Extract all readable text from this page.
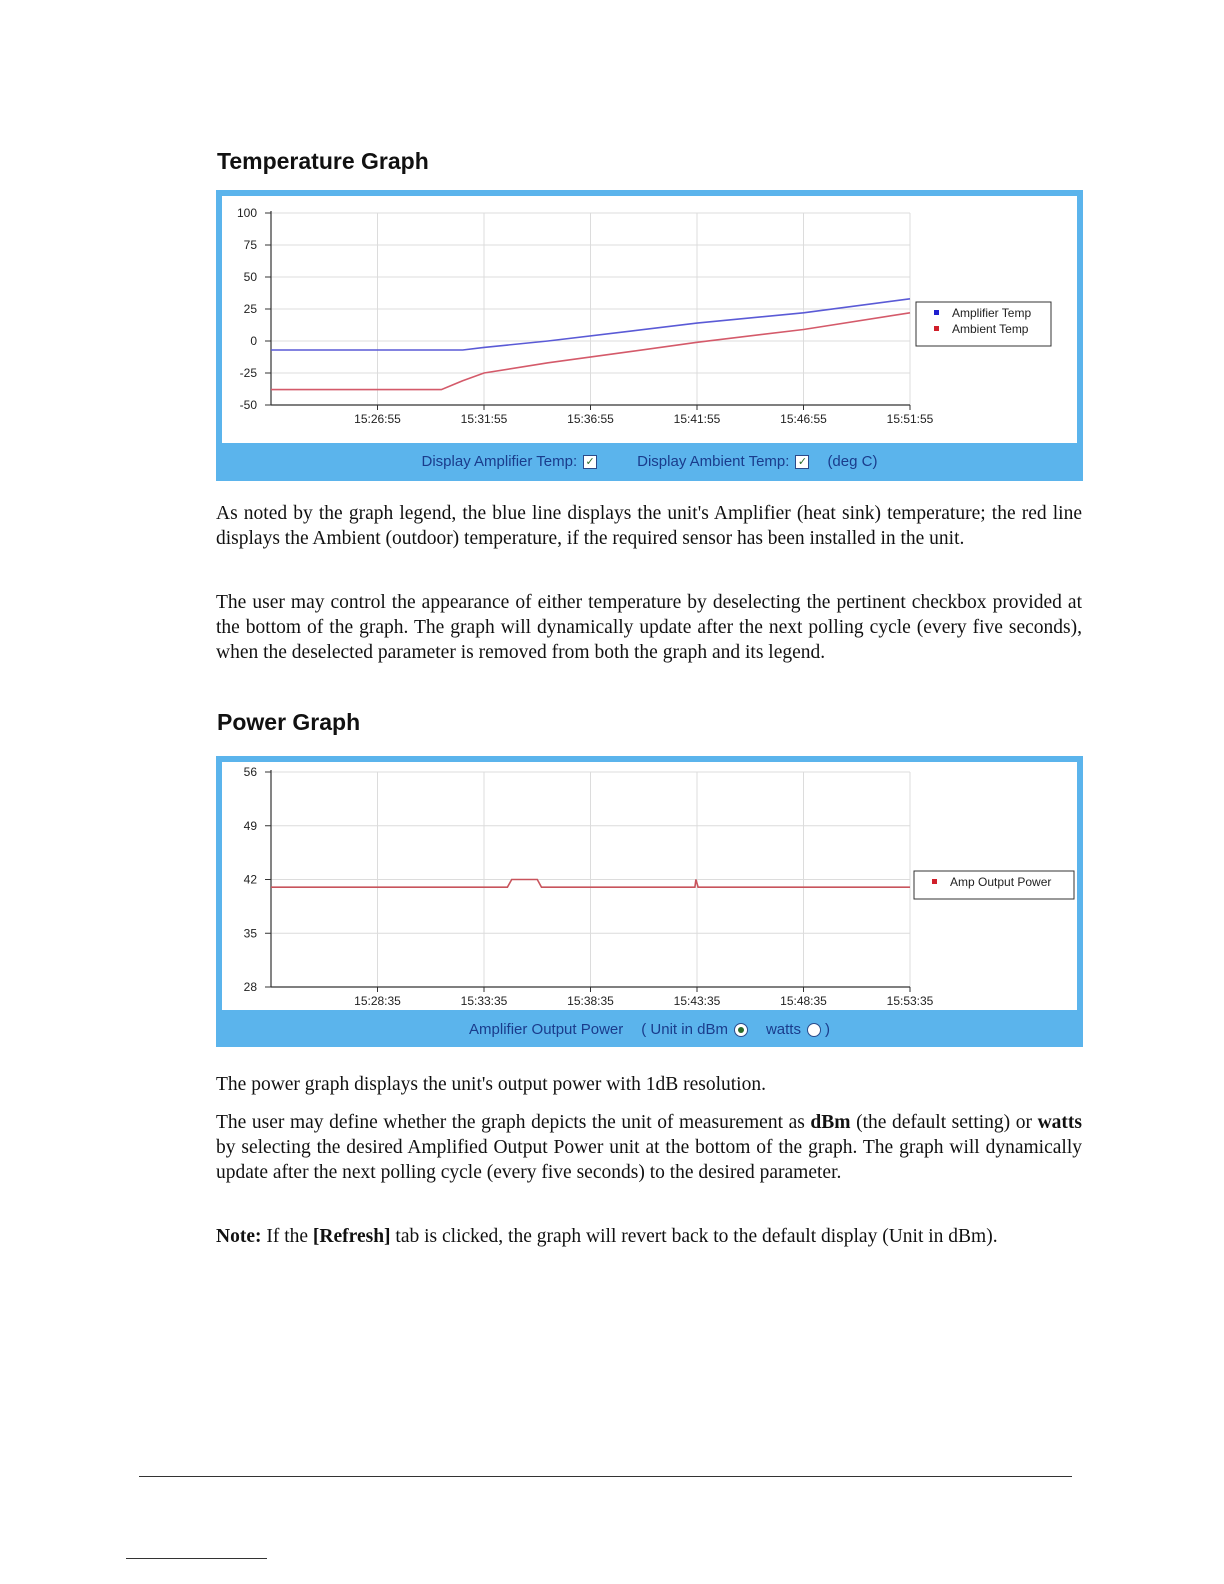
Temperature Graph
100
75
50
25
0
-25
-50
15:26:55	15:31:55	15:36:55	15:41:55	15:46:55	15:51:55
Amplifier Temp
Ambient Temp
Display Amplifier Temp: ✓	Display Ambient Temp: ✓ (deg C)

As noted by the graph legend, the blue line displays the unit's Amplifier (heat sink) temperature; the red line displays the Ambient (outdoor) temperature, if the required sensor has been installed in the unit.

The user may control the appearance of either temperature by deselecting the pertinent checkbox provided at the bottom of the graph. The graph will dynamically update after the next polling cycle (every five seconds), when the deselected parameter is removed from both the graph and its legend.

Power Graph
56
49
42
35
28
15:28:35	15:33:35	15:38:35	15:43:35	15:48:35	15:53:35
Amp Output Power
Amplifier Output Power ( Unit in dBm	watts )

The power graph displays the unit's output power with 1dB resolution.

The user may define whether the graph depicts the unit of measurement as dBm (the default setting) or watts by selecting the desired Amplified Output Power unit at the bottom of the graph. The graph will dynamically update after the next polling cycle (every five seconds) to the desired parameter.

Note: If the [Refresh] tab is clicked, the graph will revert back to the default display (Unit in dBm).
